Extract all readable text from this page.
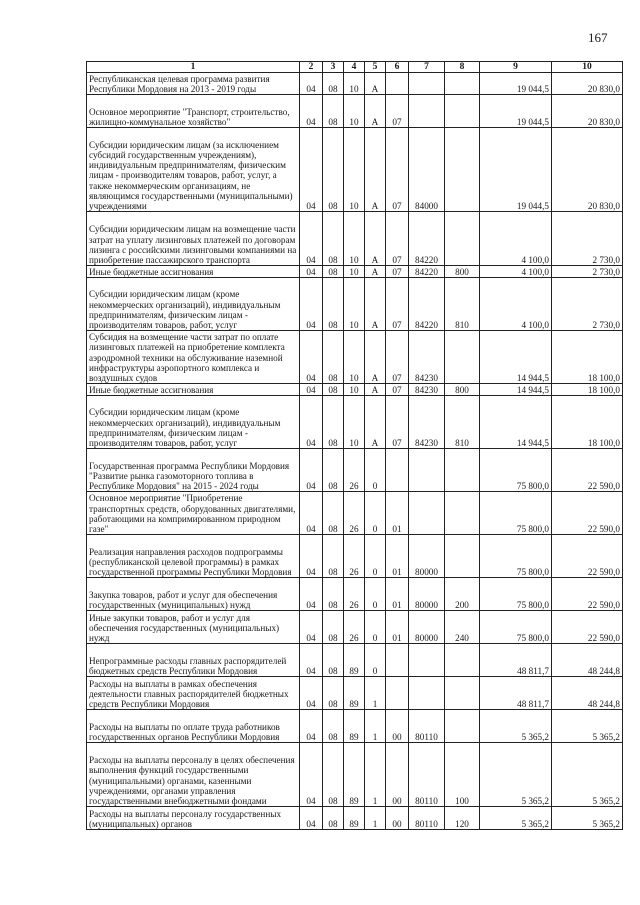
167
1	2	3	4	5	6	7	8	9	10
Республиканская целевая программа развития Республики Мордовия на 2013 - 2019 годы	04	08	10	А				19 044,5	20 830,0
Основное мероприятие "Транспорт, строительство, жилищно-коммунальное хозяйство"	04	08	10	А	07			19 044,5	20 830,0
Субсидии юридическим лицам (за исключением субсидий государственным учреждениям), индивидуальным предпринимателям, физическим лицам - производителям товаров, работ, услуг, а также некоммерческим организациям, не являющимся государственными (муниципальными) учреждениями	04	08	10	А	07	84000		19 044,5	20 830,0
Субсидии юридическим лицам на возмещение части затрат на уплату лизинговых платежей по договорам лизинга с российскими лизинговыми компаниями на приобретение пассажирского транспорта	04	08	10	А	07	84220		4 100,0	2 730,0
Иные бюджетные ассигнования	04	08	10	А	07	84220	800	4 100,0	2 730,0
Субсидии юридическим лицам (кроме некоммерческих организаций), индивидуальным предпринимателям, физическим лицам - производителям товаров, работ, услуг	04	08	10	А	07	84220	810	4 100,0	2 730,0
Субсидия на возмещение части затрат по оплате лизинговых платежей на приобретение комплекта аэродромной техники на обслуживание наземной инфраструктуры аэропортного комплекса и воздушных судов	04	08	10	А	07	84230		14 944,5	18 100,0
Иные бюджетные ассигнования	04	08	10	А	07	84230	800	14 944,5	18 100,0
Субсидии юридическим лицам (кроме некоммерческих организаций), индивидуальным предпринимателям, физическим лицам - производителям товаров, работ, услуг	04	08	10	А	07	84230	810	14 944,5	18 100,0
Государственная программа Республики Мордовия "Развитие рынка газомоторного топлива в Республике Мордовия" на 2015 - 2024 годы	04	08	26	0				75 800,0	22 590,0
Основное мероприятие "Приобретение транспортных средств, оборудованных двигателями, работающими на компримированном природном газе"	04	08	26	0	01			75 800,0	22 590,0
Реализация направления расходов подпрограммы (республиканской целевой программы) в рамках государственной программы Республики Мордовия	04	08	26	0	01	80000		75 800,0	22 590,0
Закупка товаров, работ и услуг для обеспечения государственных (муниципальных) нужд	04	08	26	0	01	80000	200	75 800,0	22 590,0
Иные закупки товаров, работ и услуг для обеспечения государственных (муниципальных) нужд	04	08	26	0	01	80000	240	75 800,0	22 590,0
Непрограммные расходы главных распорядителей бюджетных средств Республики Мордовия	04	08	89	0				48 811,7	48 244,8
Расходы на выплаты в рамках обеспечения деятельности главных распорядителей бюджетных средств Республики Мордовия	04	08	89	1				48 811,7	48 244,8
Расходы на выплаты по оплате труда работников государственных органов Республики Мордовия	04	08	89	1	00	80110		5 365,2	5 365,2
Расходы на выплаты персоналу в целях обеспечения выполнения функций государственными (муниципальными) органами, казенными учреждениями, органами управления государственными внебюджетными фондами	04	08	89	1	00	80110	100	5 365,2	5 365,2
Расходы на выплаты персоналу государственных (муниципальных) органов	04	08	89	1	00	80110	120	5 365,2	5 365,2
